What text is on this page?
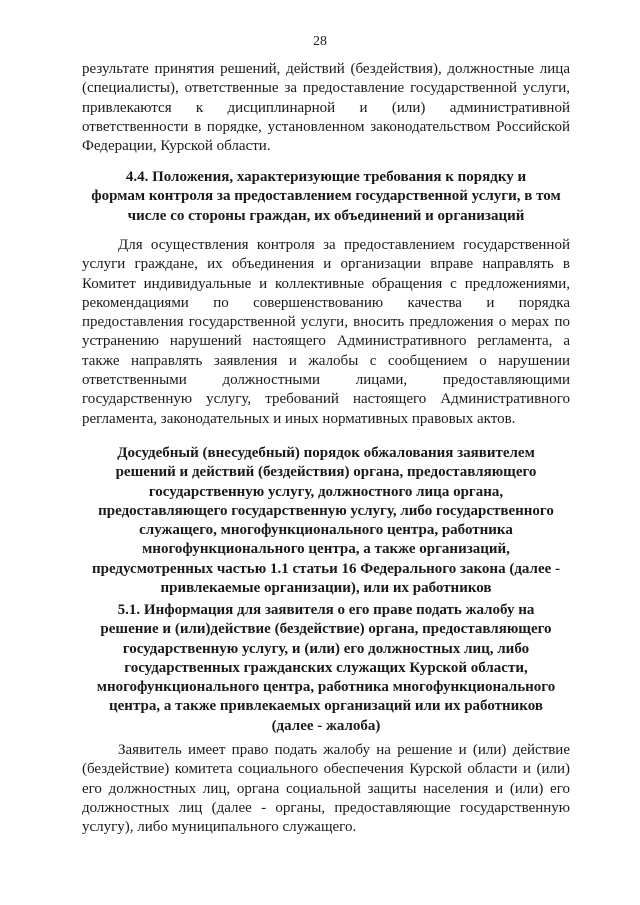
28
результате принятия решений, действий (бездействия), должностные лица
(специалисты), ответственные за предоставление государственной услуги,
привлекаются к дисциплинарной и (или) административной
ответственности в порядке, установленном законодательством Российской
Федерации, Курской области.
4.4. Положения, характеризующие требования к порядку и
формам контроля за предоставлением государственной услуги, в том
числе со стороны граждан, их объединений и организаций
Для осуществления контроля за предоставлением государственной
услуги граждане, их объединения и организации вправе направлять в
Комитет индивидуальные и коллективные обращения с предложениями,
рекомендациями по совершенствованию качества и порядка
предоставления государственной услуги, вносить предложения о мерах по
устранению нарушений настоящего Административного регламента, а
также направлять заявления и жалобы с сообщением о нарушении
ответственными должностными лицами, предоставляющими
государственную услугу, требований настоящего Административного
регламента, законодательных и иных нормативных правовых актов.
Досудебный (внесудебный) порядок обжалования заявителем
решений и действий (бездействия) органа, предоставляющего
государственную услугу, должностного лица органа,
предоставляющего государственную услугу, либо государственного
служащего, многофункционального центра, работника
многофункционального центра, а также организаций,
предусмотренных частью 1.1 статьи 16 Федерального закона (далее -
привлекаемые организации), или их работников
5.1. Информация для заявителя о его праве подать жалобу на
решение и (или)действие (бездействие) органа, предоставляющего
государственную услугу, и (или) его должностных лиц, либо
государственных гражданских служащих Курской области,
многофункционального центра, работника многофункционального
центра, а также привлекаемых организаций или их работников
(далее - жалоба)
Заявитель имеет право подать жалобу на решение и (или) действие
(бездействие) комитета социального обеспечения Курской области и (или)
его должностных лиц, органа социальной защиты населения и (или) его
должностных лиц (далее - органы, предоставляющие государственную
услугу), либо муниципального служащего.
